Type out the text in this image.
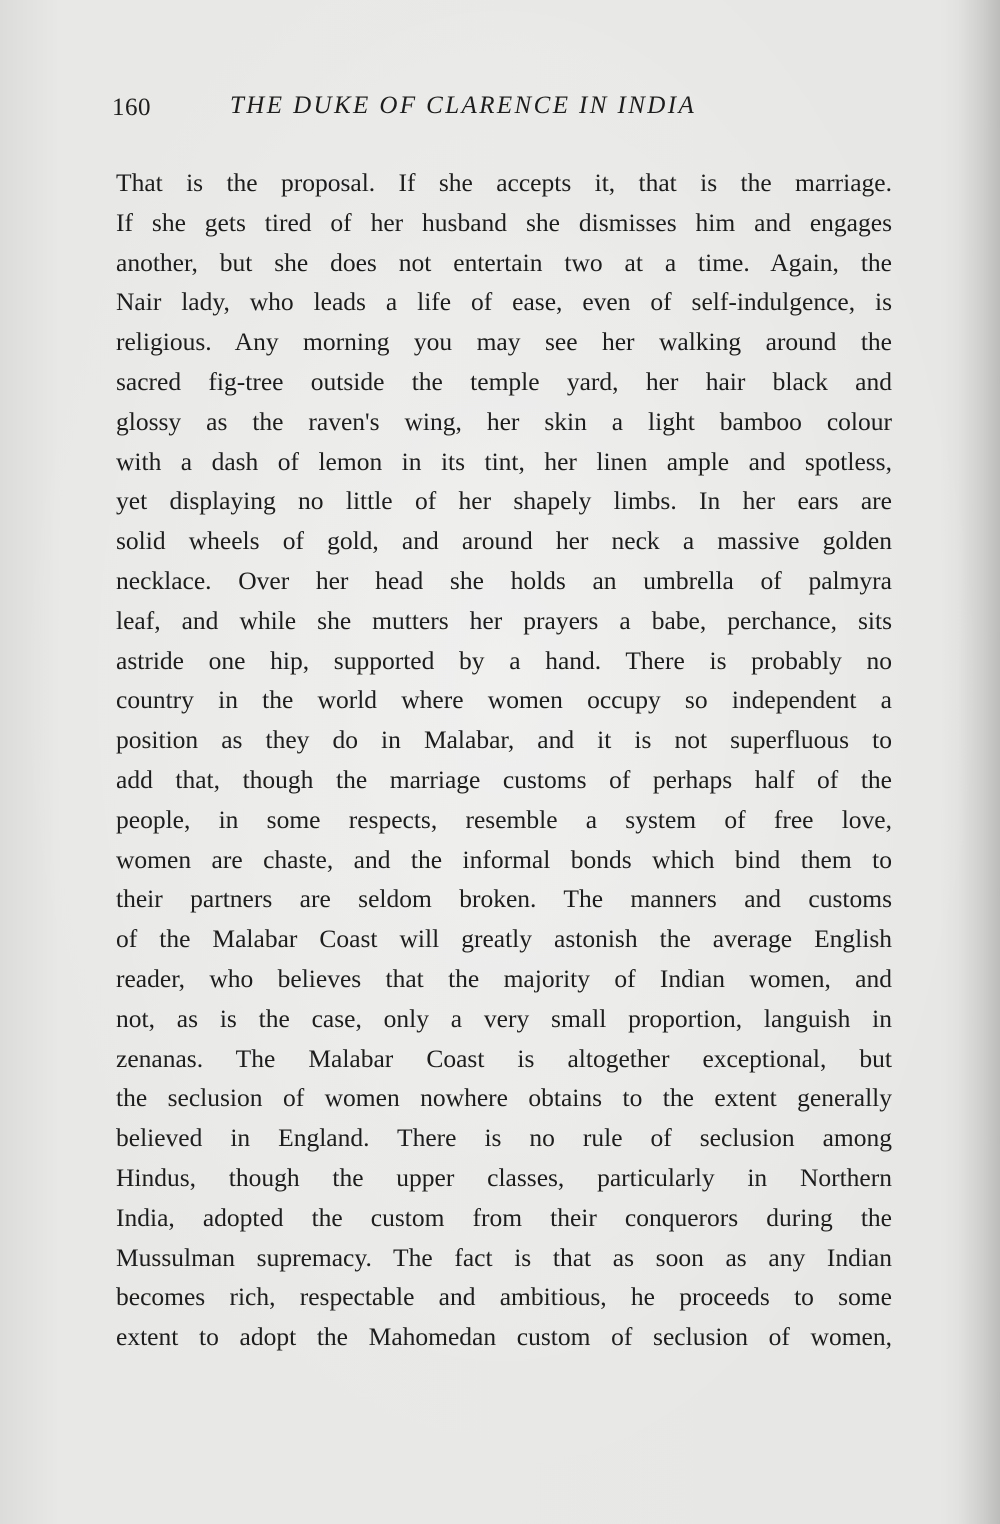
160	THE DUKE OF CLARENCE IN INDIA
That is the proposal. If she accepts it, that is the marriage.
If she gets tired of her husband she dismisses him and engages
another, but she does not entertain two at a time. Again, the
Nair lady, who leads a life of ease, even of self-indulgence, is
religious. Any morning you may see her walking around the
sacred fig-tree outside the temple yard, her hair black and
glossy as the raven's wing, her skin a light bamboo colour
with a dash of lemon in its tint, her linen ample and spotless,
yet displaying no little of her shapely limbs. In her ears are
solid wheels of gold, and around her neck a massive golden
necklace. Over her head she holds an umbrella of palmyra
leaf, and while she mutters her prayers a babe, perchance, sits
astride one hip, supported by a hand. There is probably no
country in the world where women occupy so independent a
position as they do in Malabar, and it is not superfluous to
add that, though the marriage customs of perhaps half of the
people, in some respects, resemble a system of free love,
women are chaste, and the informal bonds which bind them to
their partners are seldom broken. The manners and customs
of the Malabar Coast will greatly astonish the average English
reader, who believes that the majority of Indian women, and
not, as is the case, only a very small proportion, languish in
zenanas. The Malabar Coast is altogether exceptional, but
the seclusion of women nowhere obtains to the extent generally
believed in England. There is no rule of seclusion among
Hindus, though the upper classes, particularly in Northern
India, adopted the custom from their conquerors during the
Mussulman supremacy. The fact is that as soon as any Indian
becomes rich, respectable and ambitious, he proceeds to some
extent to adopt the Mahomedan custom of seclusion of women,
